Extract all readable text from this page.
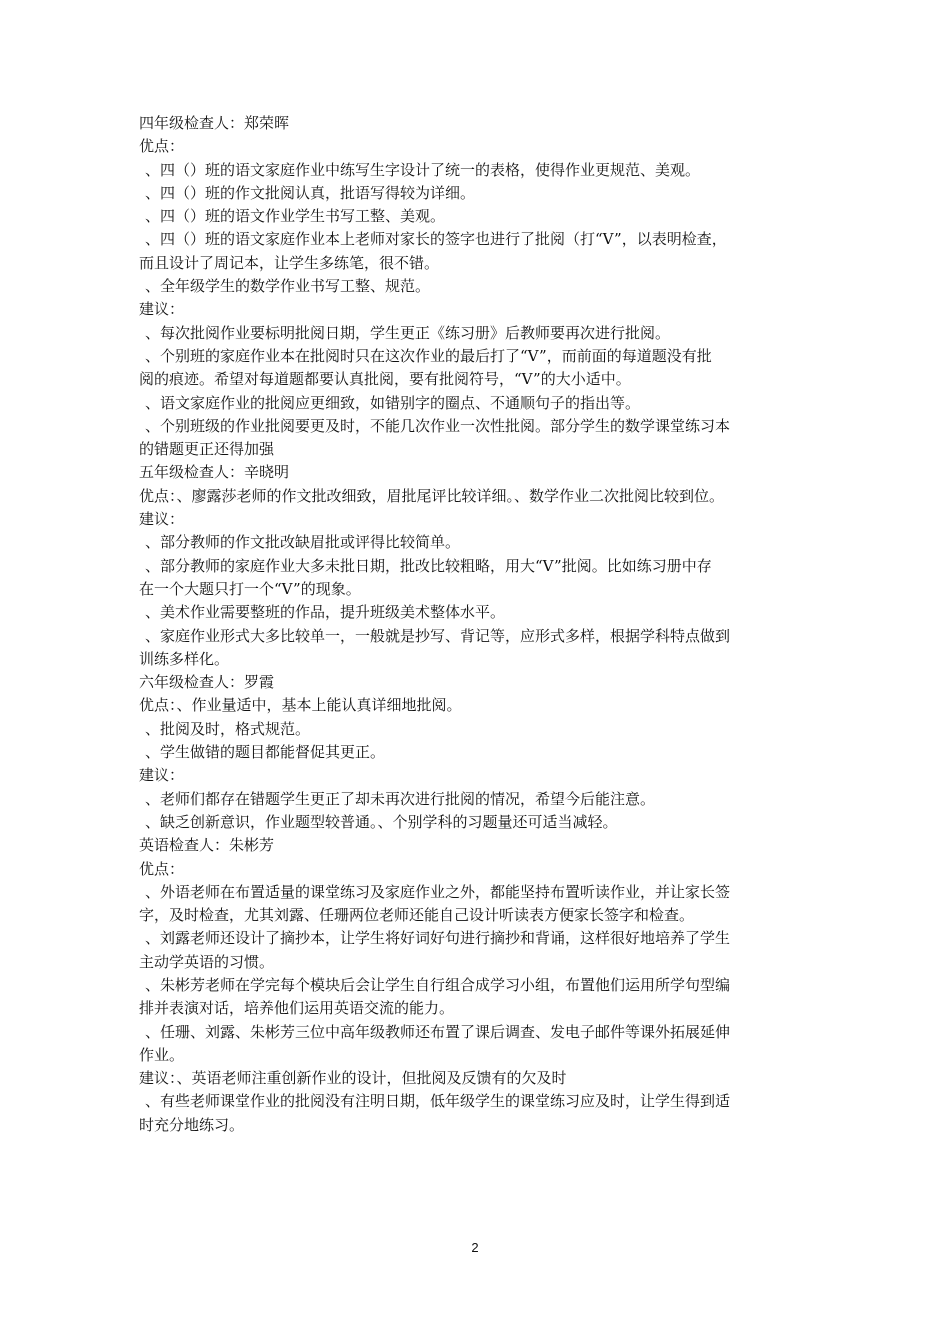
四年级检查人：郑荣晖

优点：

、四（）班的语文家庭作业中练写生字设计了统一的表格，使得作业更规范、美观。

、四（）班的作文批阅认真，批语写得较为详细。

、四（）班的语文作业学生书写工整、美观。

、四（）班的语文家庭作业本上老师对家长的签字也进行了批阅（打“V”，以表明检查，

而且设计了周记本，让学生多练笔，很不错。

、全年级学生的数学作业书写工整、规范。

建议：

、每次批阅作业要标明批阅日期，学生更正《练习册》后教师要再次进行批阅。

、个别班的家庭作业本在批阅时只在这次作业的最后打了“V”，而前面的每道题没有批

阅的痕迹。希望对每道题都要认真批阅，要有批阅符号，“V”的大小适中。

、语文家庭作业的批阅应更细致，如错别字的圈点、不通顺句子的指出等。

、个别班级的作业批阅要更及时，不能几次作业一次性批阅。部分学生的数学课堂练习本

的错题更正还得加强

五年级检查人：辛晓明

优点：、廖露莎老师的作文批改细致，眉批尾评比较详细。、数学作业二次批阅比较到位。

建议：

、部分教师的作文批改缺眉批或评得比较简单。

、部分教师的家庭作业大多未批日期，批改比较粗略，用大“V”批阅。比如练习册中存

在一个大题只打一个“V”的现象。

、美术作业需要整班的作品，提升班级美术整体水平。

、家庭作业形式大多比较单一，一般就是抄写、背记等，应形式多样，根据学科特点做到

训练多样化。

六年级检查人：罗霞

优点：、作业量适中，基本上能认真详细地批阅。

、批阅及时，格式规范。

、学生做错的题目都能督促其更正。

建议：

、老师们都存在错题学生更正了却未再次进行批阅的情况，希望今后能注意。

、缺乏创新意识，作业题型较普通。、个别学科的习题量还可适当减轻。

英语检查人：朱彬芳

优点：

、外语老师在布置适量的课堂练习及家庭作业之外，都能坚持布置听读作业，并让家长签

字，及时检查，尤其刘露、任珊两位老师还能自己设计听读表方便家长签字和检查。

、刘露老师还设计了摘抄本，让学生将好词好句进行摘抄和背诵，这样很好地培养了学生

主动学英语的习惯。

、朱彬芳老师在学完每个模块后会让学生自行组合成学习小组，布置他们运用所学句型编

排并表演对话，培养他们运用英语交流的能力。

、任珊、刘露、朱彬芳三位中高年级教师还布置了课后调查、发电子邮件等课外拓展延伸

作业。

建议：、英语老师注重创新作业的设计，但批阅及反馈有的欠及时

、有些老师课堂作业的批阅没有注明日期，低年级学生的课堂练习应及时，让学生得到适

时充分地练习。

2
